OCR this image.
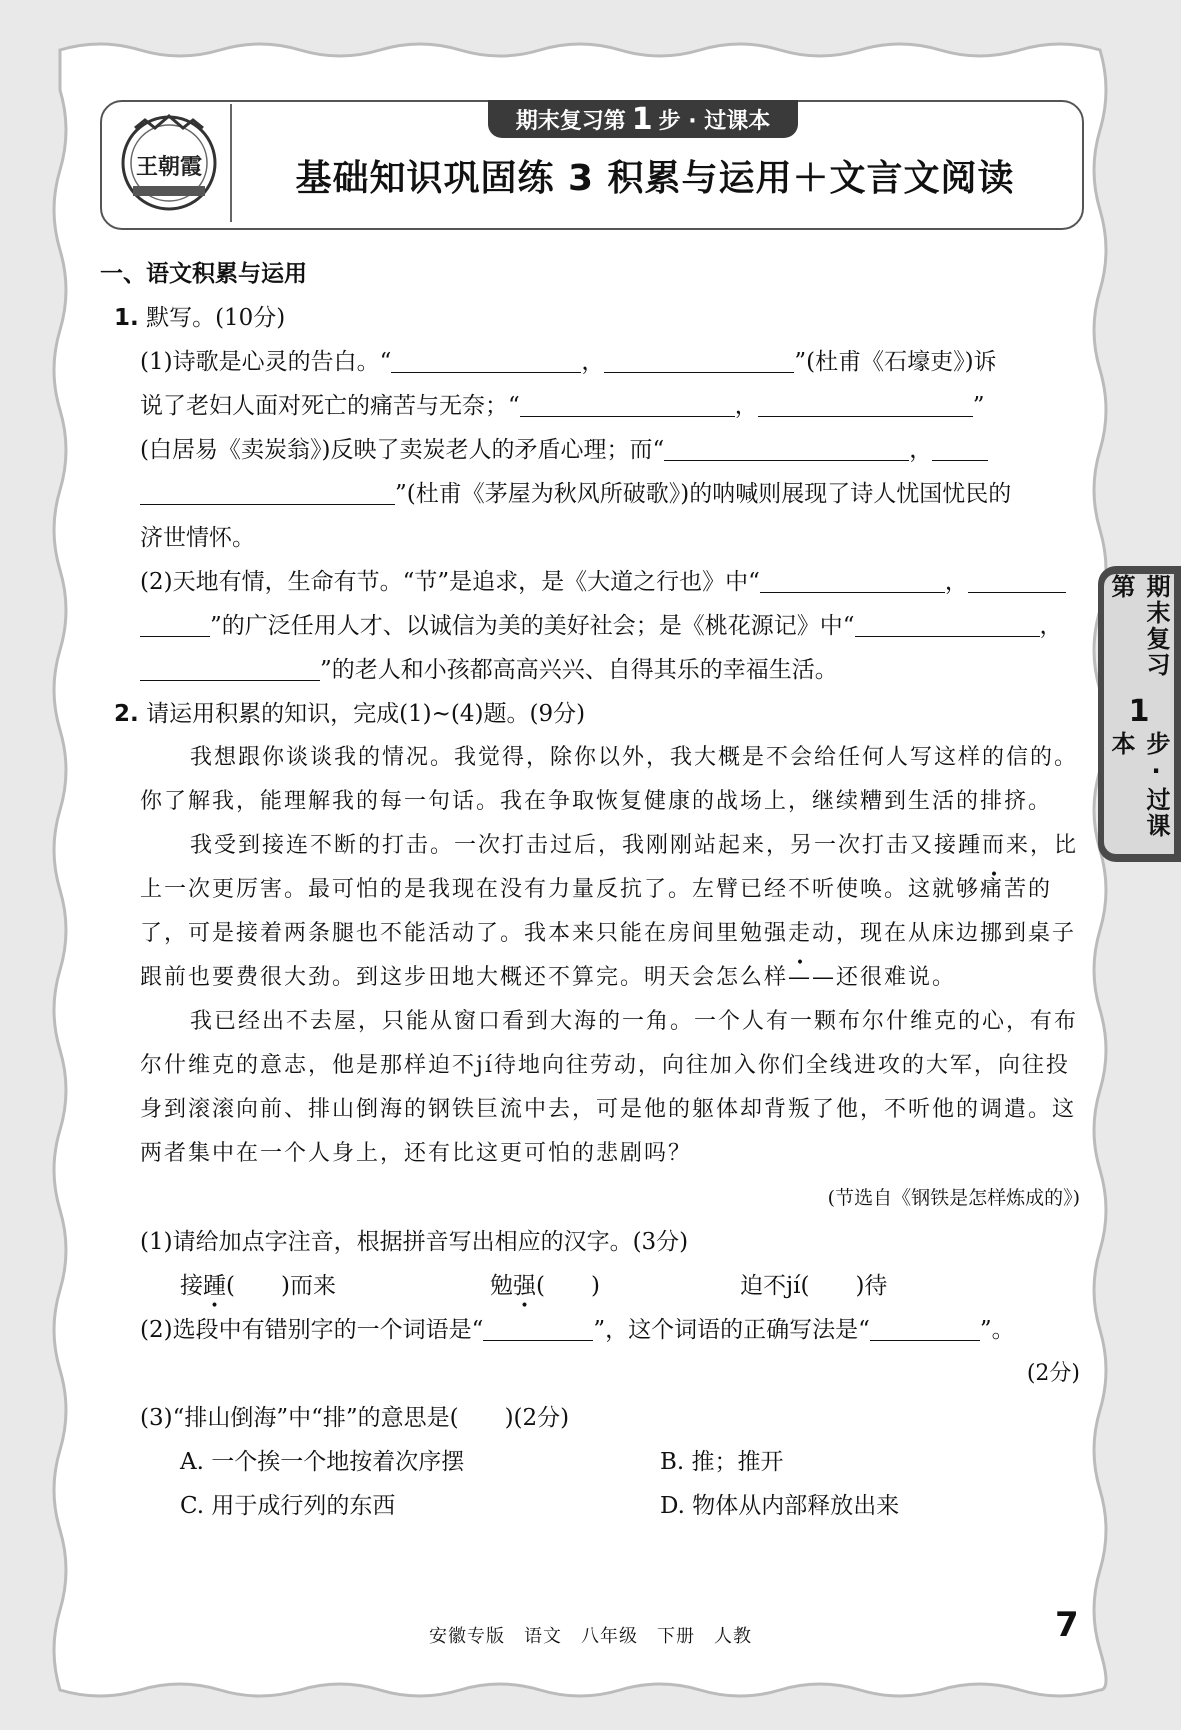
王朝霞
期末复习第 1 步 · 过课本
基础知识巩固练 3 积累与运用＋文言文阅读
期末复习第
1
步·过课本
一、语文积累与运用
1. 默写。(10分)
(1)诗歌是心灵的告白。“	，	”(杜甫《石壕吏》)诉
说了老妇人面对死亡的痛苦与无奈；“	，	”
(白居易《卖炭翁》)反映了卖炭老人的矛盾心理；而“	，
”(杜甫《茅屋为秋风所破歌》)的呐喊则展现了诗人忧国忧民的
济世情怀。
(2)天地有情，生命有节。“节”是追求，是《大道之行也》中“	，
”的广泛任用人才、以诚信为美的美好社会；是《桃花源记》中“	，
”的老人和小孩都高高兴兴、自得其乐的幸福生活。
2. 请运用积累的知识，完成(1)~(4)题。(9分)
我想跟你谈谈我的情况。我觉得，除你以外，我大概是不会给任何人写这样的信的。你了解我，能理解我的每一句话。我在争取恢复健康的战场上，继续糟到生活的排挤。
我受到接连不断的打击。一次打击过后，我刚刚站起来，另一次打击又接踵而来，比上一次更厉害。最可怕的是我现在没有力量反抗了。左臂已经不听使唤。这就够痛苦的了，可是接着两条腿也不能活动了。我本来只能在房间里勉强走动，现在从床边挪到桌子跟前也要费很大劲。到这步田地大概还不算完。明天会怎么样——还很难说。
我已经出不去屋，只能从窗口看到大海的一角。一个人有一颗布尔什维克的心，有布尔什维克的意志，他是那样迫不jí待地向往劳动，向往加入你们全线进攻的大军，向往投身到滚滚向前、排山倒海的钢铁巨流中去，可是他的躯体却背叛了他，不听他的调遣。这两者集中在一个人身上，还有比这更可怕的悲剧吗？
(节选自《钢铁是怎样炼成的》)
(1)请给加点字注音，根据拼音写出相应的汉字。(3分)
接踵(　　)而来	勉强(　　)	迫不jí(　　)待
(2)选段中有错别字的一个词语是“	”，这个词语的正确写法是“	”。
(2分)
(3)“排山倒海”中“排”的意思是(　　)(2分)
A. 一个挨一个地按着次序摆	B. 推；推开
C. 用于成行列的东西	D. 物体从内部释放出来
安徽专版　语文　八年级　下册　人教	7
